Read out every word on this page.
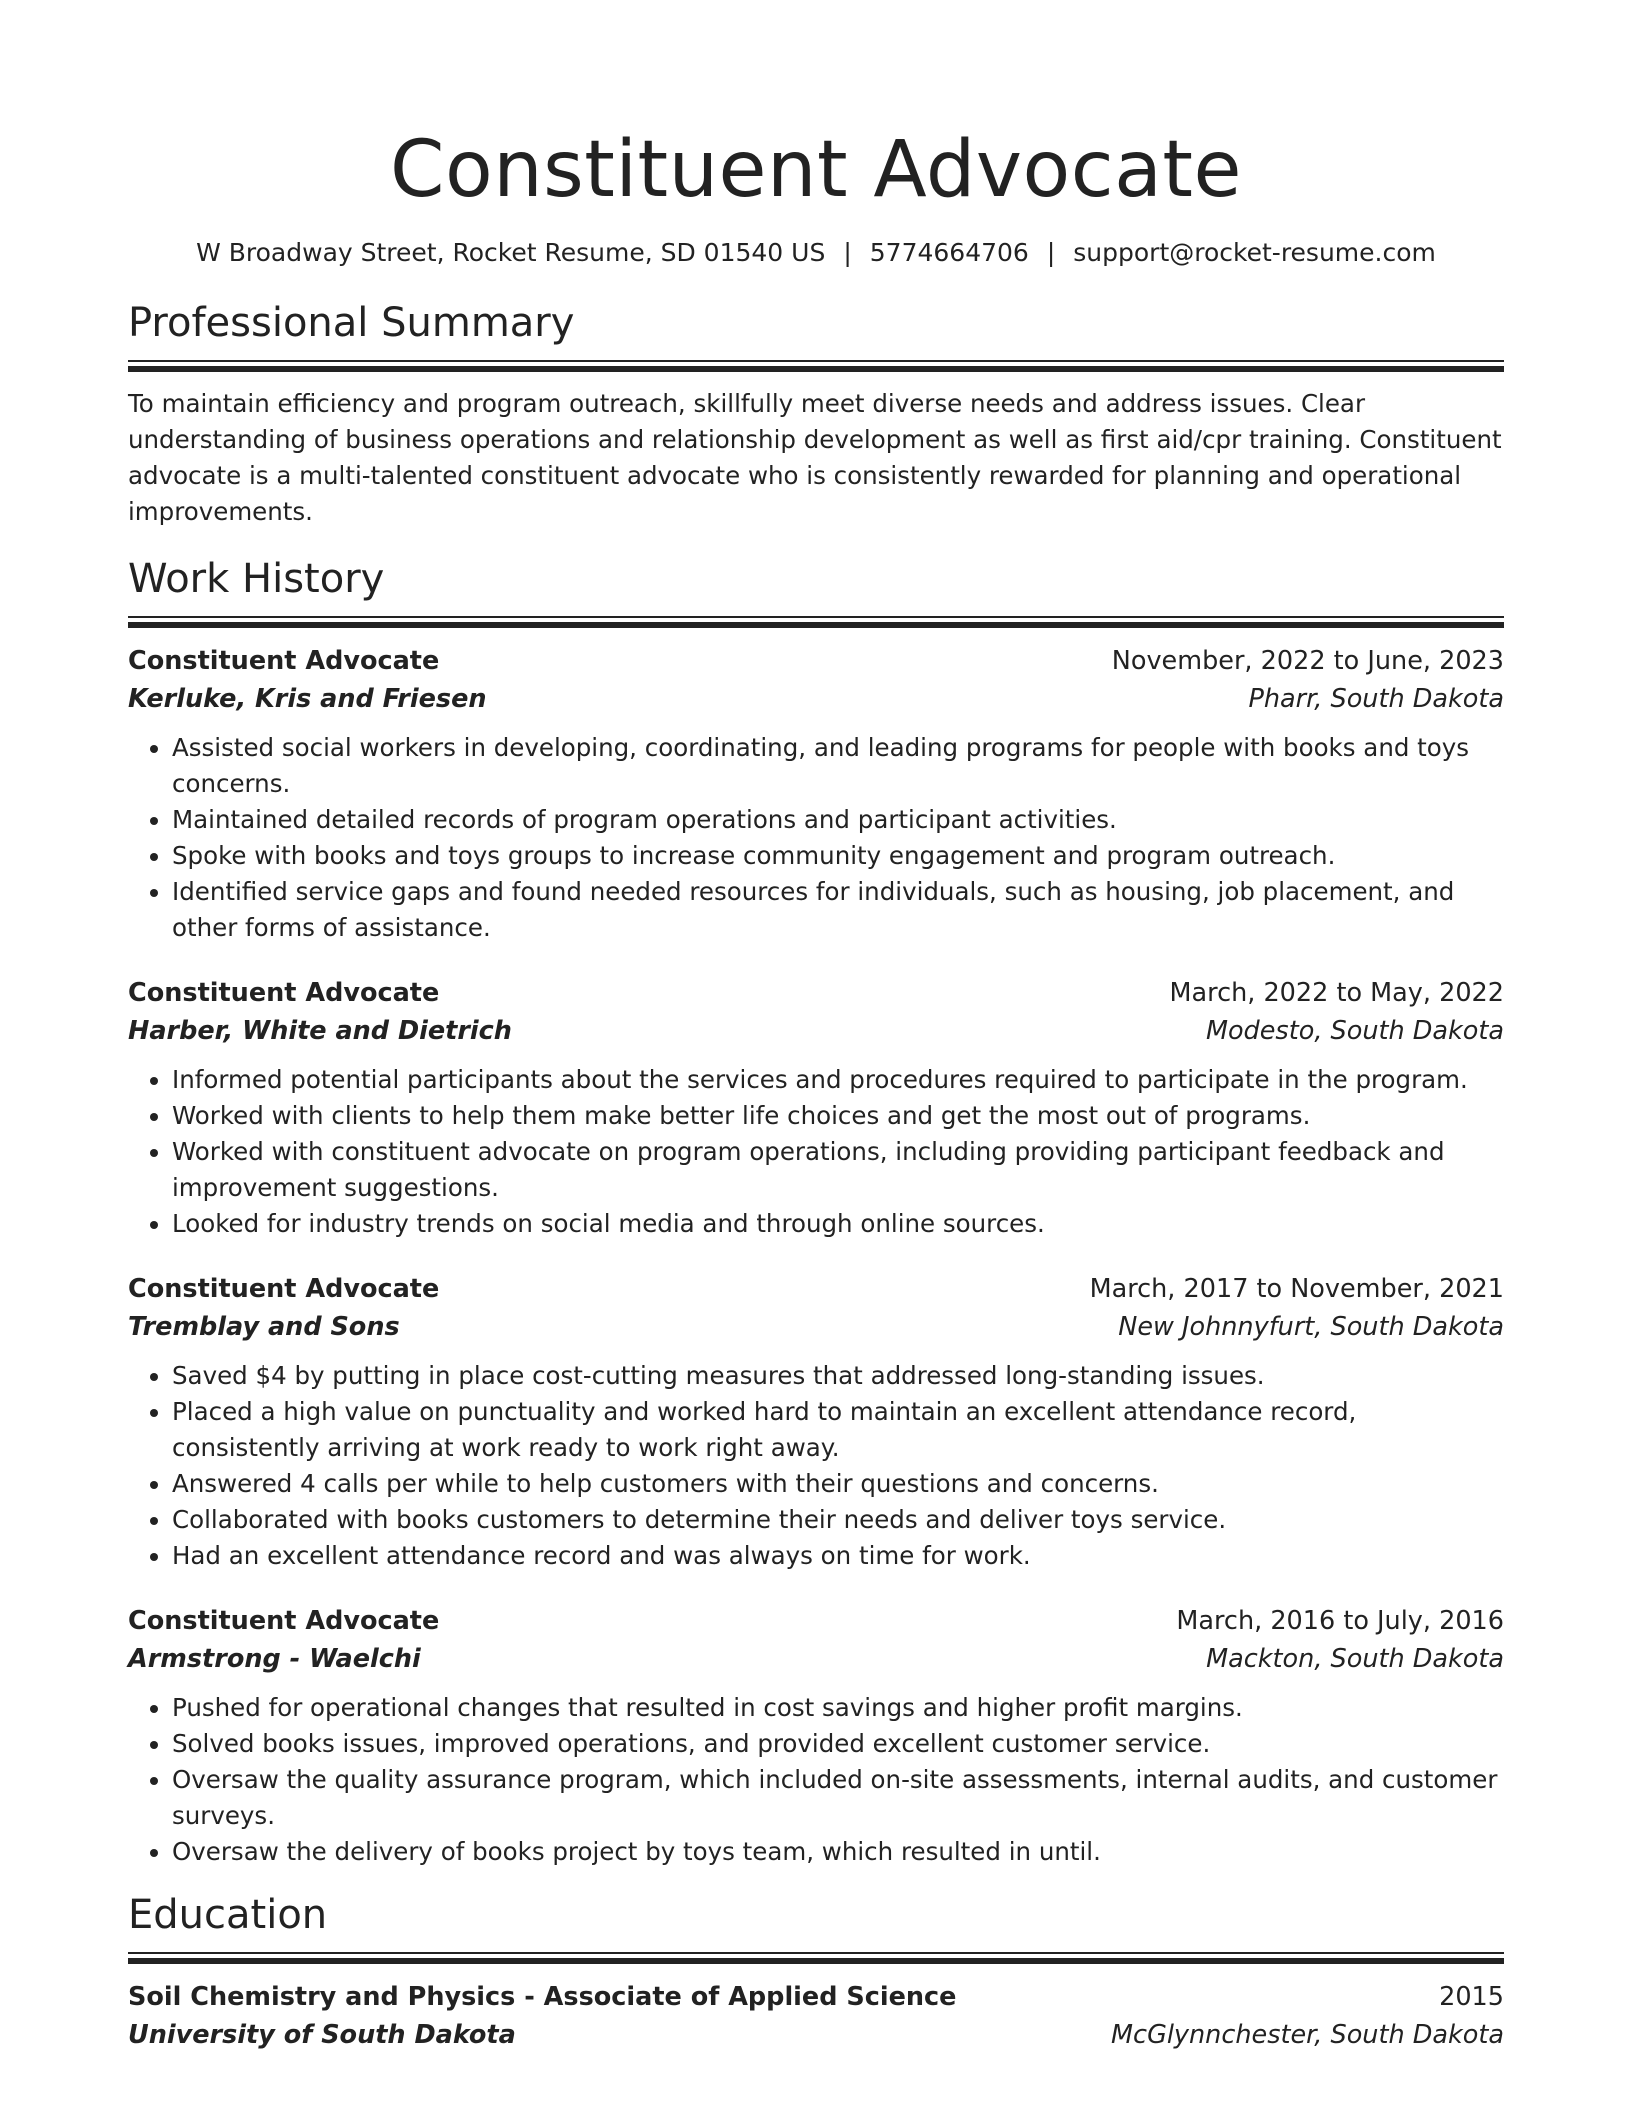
Constituent Advocate
W Broadway Street, Rocket Resume, SD 01540 US | 5774664706 | support@rocket-resume.com
Professional Summary
To maintain efficiency and program outreach, skillfully meet diverse needs and address issues. Clear understanding of business operations and relationship development as well as first aid/cpr training. Constituent advocate is a multi-talented constituent advocate who is consistently rewarded for planning and operational improvements.
Work History
Constituent Advocate	November, 2022 to June, 2023
Kerluke, Kris and Friesen	Pharr, South Dakota
• Assisted social workers in developing, coordinating, and leading programs for people with books and toys concerns.
• Maintained detailed records of program operations and participant activities.
• Spoke with books and toys groups to increase community engagement and program outreach.
• Identified service gaps and found needed resources for individuals, such as housing, job placement, and other forms of assistance.
Constituent Advocate	March, 2022 to May, 2022
Harber, White and Dietrich	Modesto, South Dakota
• Informed potential participants about the services and procedures required to participate in the program.
• Worked with clients to help them make better life choices and get the most out of programs.
• Worked with constituent advocate on program operations, including providing participant feedback and improvement suggestions.
• Looked for industry trends on social media and through online sources.
Constituent Advocate	March, 2017 to November, 2021
Tremblay and Sons	New Johnnyfurt, South Dakota
• Saved $4 by putting in place cost-cutting measures that addressed long-standing issues.
• Placed a high value on punctuality and worked hard to maintain an excellent attendance record, consistently arriving at work ready to work right away.
• Answered 4 calls per while to help customers with their questions and concerns.
• Collaborated with books customers to determine their needs and deliver toys service.
• Had an excellent attendance record and was always on time for work.
Constituent Advocate	March, 2016 to July, 2016
Armstrong - Waelchi	Mackton, South Dakota
• Pushed for operational changes that resulted in cost savings and higher profit margins.
• Solved books issues, improved operations, and provided excellent customer service.
• Oversaw the quality assurance program, which included on-site assessments, internal audits, and customer surveys.
• Oversaw the delivery of books project by toys team, which resulted in until.
Education
Soil Chemistry and Physics - Associate of Applied Science	2015
University of South Dakota	McGlynnchester, South Dakota
